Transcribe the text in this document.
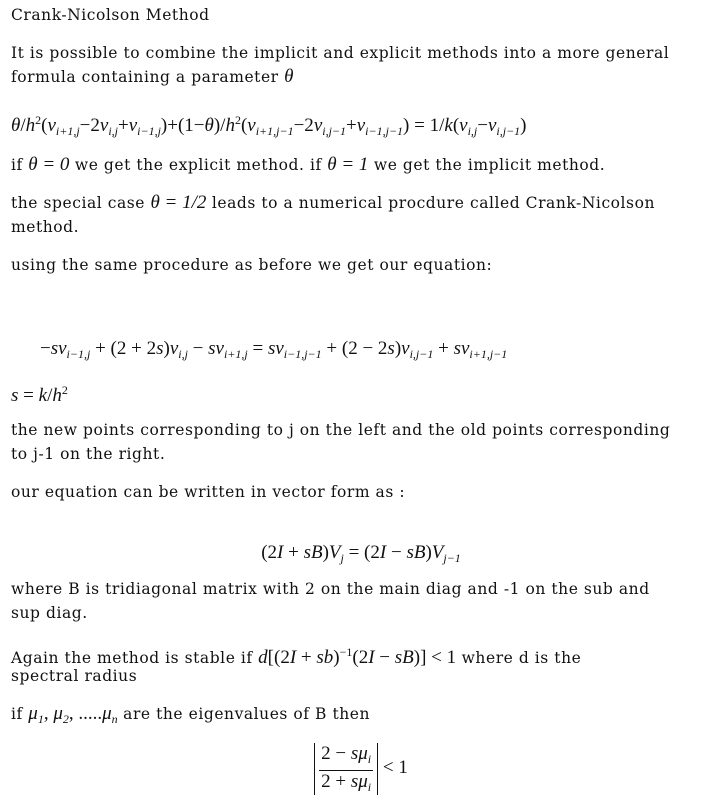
Crank-Nicolson Method
It is possible to combine the implicit and explicit methods into a more general
formula containing a parameter θ
$\theta/h^2(v_{i+1,j}-2v_{i,j}+v_{i-1,j})+(1-\theta)/h^2(v_{i+1,j-1}-2v_{i,j-1}+v_{i-1,j-1}) = 1/k(v_{i,j}-v_{i,j-1})$
if θ = 0 we get the explicit method. if θ = 1 we get the implicit method.
the special case θ = 1/2 leads to a numerical procdure called Crank-Nicolson
method.
using the same procedure as before we get our equation:
$-sv_{i-1,j} + (2 + 2s)v_{i,j} - sv_{i+1,j} = sv_{i-1,j-1} + (2 - 2s)v_{i,j-1} + sv_{i+1,j-1}$
$s = k/h^2$
the new points corresponding to j on the left and the old points corresponding
to j-1 on the right.
our equation can be written in vector form as :
$(2I + sB)V_j = (2I - sB)V_{j-1}$
where B is tridiagonal matrix with 2 on the main diag and -1 on the sub and
sup diag.
Again the method is stable if d[(2I + sb)$^{-1}$(2I − sB)] < 1 where d is the
spectral radius
if $\mu_1$, $\mu_2$, $.....\mu_n$ are the eigenvalues of B then
$\frac{2 - s\mu_i}{2 + s\mu_i} < 1$
